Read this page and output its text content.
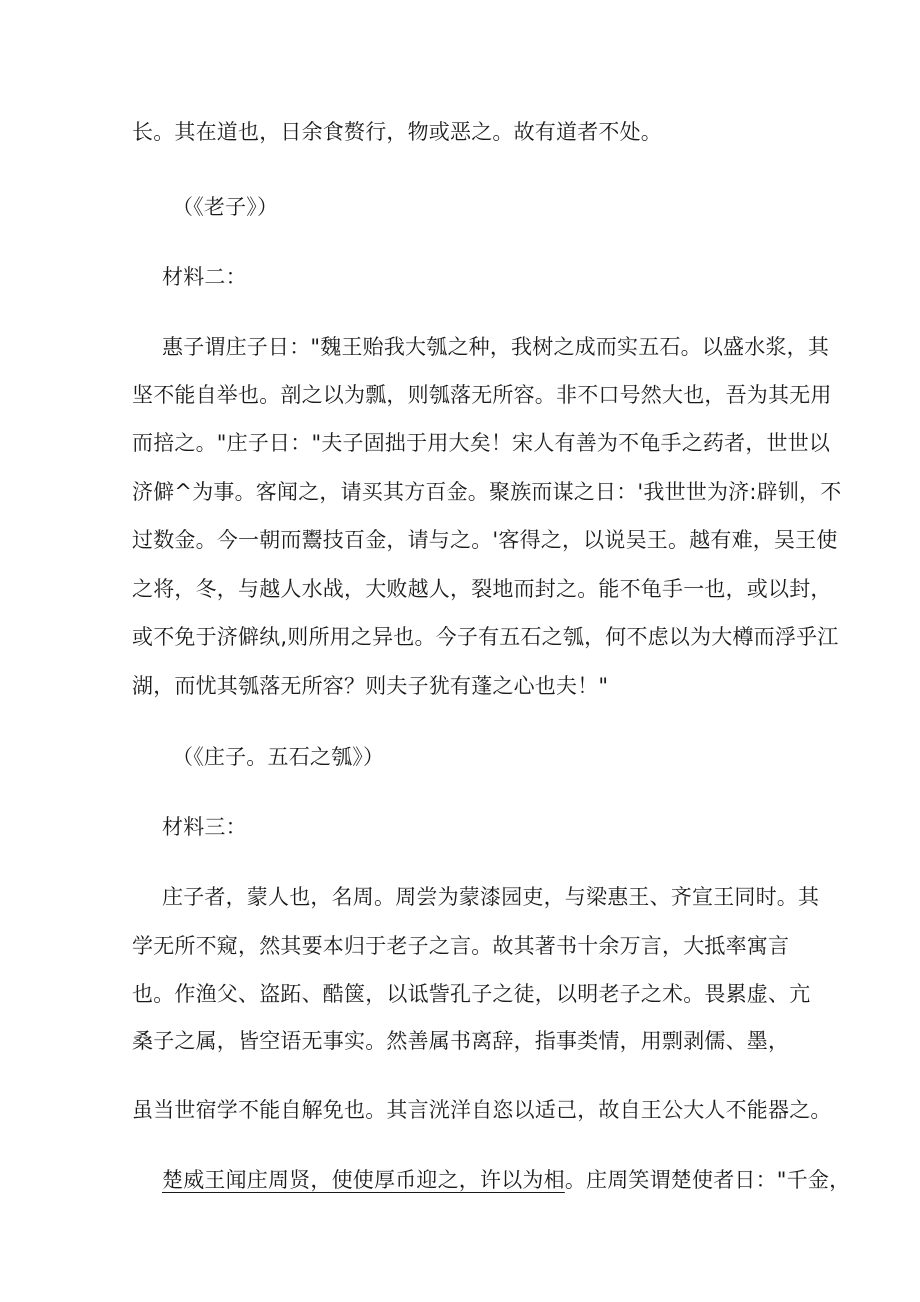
长。其在道也，日余食赘行，物或恶之。故有道者不处。
（《老子》）
材料二：
惠子谓庄子日："魏王贻我大瓠之种，我树之成而实五石。以盛水浆，其
坚不能自举也。剖之以为瓢，则瓠落无所容。非不口号然大也，吾为其无用
而掊之。"庄子日："夫子固拙于用大矣！宋人有善为不龟手之药者，世世以
济僻^为事。客闻之，请买其方百金。聚族而谋之日：'我世世为济:辟钏，不
过数金。今一朝而鬻技百金，请与之。'客得之，以说吴王。越有难，吴王使
之将，冬，与越人水战，大败越人，裂地而封之。能不龟手一也，或以封，
或不免于济僻纨,则所用之异也。今子有五石之瓠，何不虑以为大樽而浮乎江
湖，而忧其瓠落无所容？则夫子犹有蓬之心也夫！"
（《庄子。五石之瓠》）
材料三：
庄子者，蒙人也，名周。周尝为蒙漆园吏，与梁惠王、齐宣王同时。其
学无所不窥，然其要本归于老子之言。故其著书十余万言，大抵率寓言
也。作渔父、盗跖、酷箧，以诋訾孔子之徒，以明老子之术。畏累虚、亢
桑子之属，皆空语无事实。然善属书离辞，指事类情，用剽剥儒、墨，
虽当世宿学不能自解免也。其言洸洋自恣以适己，故自王公大人不能器之。
楚威王闻庄周贤，使使厚币迎之，许以为相。庄周笑谓楚使者日："千金，
